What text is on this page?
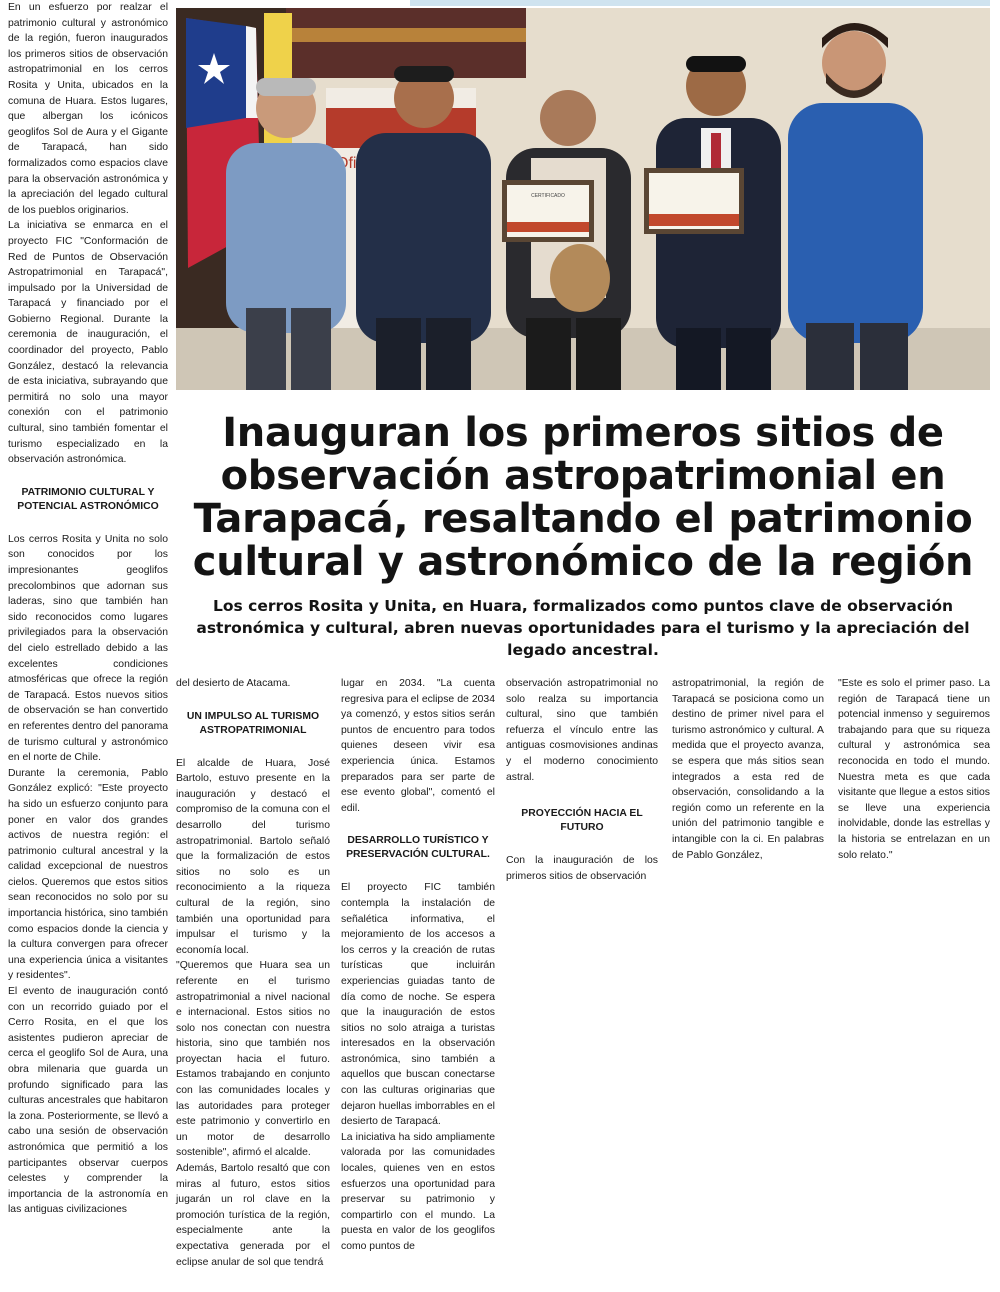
En un esfuerzo por realzar el patrimonio cultural y astronómico de la región, fueron inaugurados los primeros sitios de observación astropatrimonial en los cerros Rosita y Unita, ubicados en la comuna de Huara. Estos lugares, que albergan los icónicos geoglifos Sol de Aura y el Gigante de Tarapacá, han sido formalizados como espacios clave para la observación astronómica y la apreciación del legado cultural de los pueblos originarios.

La iniciativa se enmarca en el proyecto FIC "Conformación de Red de Puntos de Observación Astropatrimonial en Tarapacá", impulsado por la Universidad de Tarapacá y financiado por el Gobierno Regional. Durante la ceremonia de inauguración, el coordinador del proyecto, Pablo González, destacó la relevancia de esta iniciativa, subrayando que permitirá no solo una mayor conexión con el patrimonio cultural, sino también fomentar el turismo especializado en la observación astronómica.

PATRIMONIO CULTURAL Y POTENCIAL ASTRONÓMICO

Los cerros Rosita y Unita no solo son conocidos por los impresionantes geoglifos precolombinos que adornan sus laderas, sino que también han sido reconocidos como lugares privilegiados para la observación del cielo estrellado debido a las excelentes condiciones atmosféricas que ofrece la región de Tarapacá. Estos nuevos sitios de observación se han convertido en referentes dentro del panorama de turismo cultural y astronómico en el norte de Chile.

Durante la ceremonia, Pablo González explicó: "Este proyecto ha sido un esfuerzo conjunto para poner en valor dos grandes activos de nuestra región: el patrimonio cultural ancestral y la calidad excepcional de nuestros cielos. Queremos que estos sitios sean reconocidos no solo por su importancia histórica, sino también como espacios donde la ciencia y la cultura convergen para ofrecer una experiencia única a visitantes y residentes".

El evento de inauguración contó con un recorrido guiado por el Cerro Rosita, en el que los asistentes pudieron apreciar de cerca el geoglifo Sol de Aura, una obra milenaria que guarda un profundo significado para las culturas ancestrales que habitaron la zona. Posteriormente, se llevó a cabo una sesión de observación astronómica que permitió a los participantes observar cuerpos celestes y comprender la importancia de la astronomía en las antiguas civilizaciones

CERTIFICADO
Inauguran los primeros sitios de observación astropatrimonial en Tarapacá, resaltando el patrimonio cultural y astronómico de la región

Los cerros Rosita y Unita, en Huara, formalizados como puntos clave de observación astronómica y cultural, abren nuevas oportunidades para el turismo y la apreciación del legado ancestral.

del desierto de Atacama.

UN IMPULSO AL TURISMO ASTROPATRIMONIAL

El alcalde de Huara, José Bartolo, estuvo presente en la inauguración y destacó el compromiso de la comuna con el desarrollo del turismo astropatrimonial. Bartolo señaló que la formalización de estos sitios no solo es un reconocimiento a la riqueza cultural de la región, sino también una oportunidad para impulsar el turismo y la economía local.

"Queremos que Huara sea un referente en el turismo astropatrimonial a nivel nacional e internacional. Estos sitios no solo nos conectan con nuestra historia, sino que también nos proyectan hacia el futuro. Estamos trabajando en conjunto con las comunidades locales y las autoridades para proteger este patrimonio y convertirlo en un motor de desarrollo sostenible", afirmó el alcalde.

Además, Bartolo resaltó que con miras al futuro, estos sitios jugarán un rol clave en la promoción turística de la región, especialmente ante la expectativa generada por el eclipse anular de sol que tendrá

lugar en 2034. "La cuenta regresiva para el eclipse de 2034 ya comenzó, y estos sitios serán puntos de encuentro para todos quienes deseen vivir esa experiencia única. Estamos preparados para ser parte de ese evento global", comentó el edil.

DESARROLLO TURÍSTICO Y PRESERVACIÓN CULTURAL.

El proyecto FIC también contempla la instalación de señalética informativa, el mejoramiento de los accesos a los cerros y la creación de rutas turísticas que incluirán experiencias guiadas tanto de día como de noche. Se espera que la inauguración de estos sitios no solo atraiga a turistas interesados en la observación astronómica, sino también a aquellos que buscan conectarse con las culturas originarias que dejaron huellas imborrables en el desierto de Tarapacá.

La iniciativa ha sido ampliamente valorada por las comunidades locales, quienes ven en estos esfuerzos una oportunidad para preservar su patrimonio y compartirlo con el mundo. La puesta en valor de los geoglifos como puntos de

observación astropatrimonial no solo realza su importancia cultural, sino que también refuerza el vínculo entre las antiguas cosmovisiones andinas y el moderno conocimiento astral.

PROYECCIÓN HACIA EL FUTURO

Con la inauguración de los primeros sitios de observación

astropatrimonial, la región de Tarapacá se posiciona como un destino de primer nivel para el turismo astronómico y cultural. A medida que el proyecto avanza, se espera que más sitios sean integrados a esta red de observación, consolidando a la región como un referente en la unión del patrimonio tangible e intangible con la ci. En palabras de Pablo González,

"Este es solo el primer paso. La región de Tarapacá tiene un potencial inmenso y seguiremos trabajando para que su riqueza cultural y astronómica sea reconocida en todo el mundo. Nuestra meta es que cada visitante que llegue a estos sitios se lleve una experiencia inolvidable, donde las estrellas y la historia se entrelazan en un solo relato."
